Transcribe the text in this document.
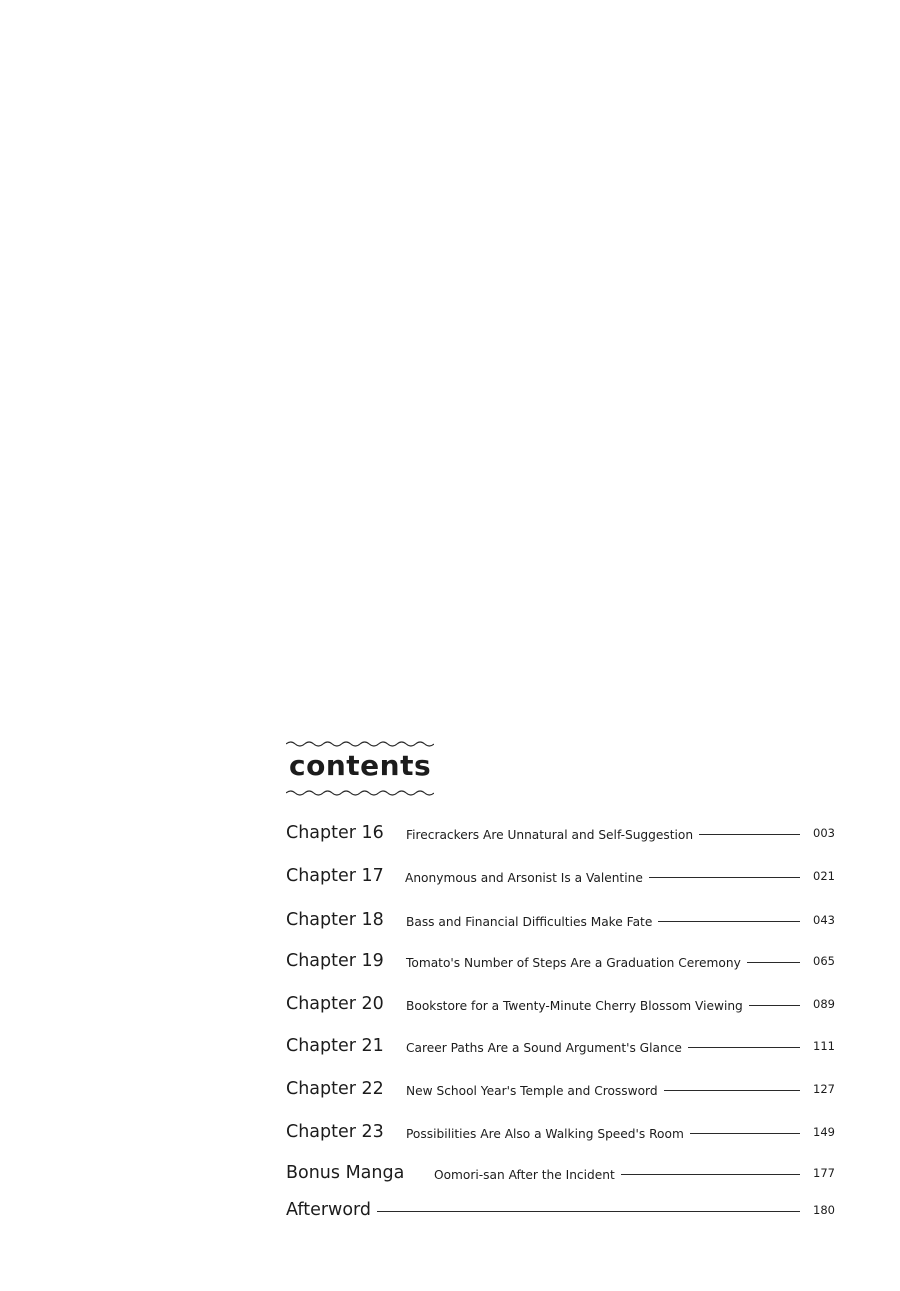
contents
Chapter 16	Firecrackers Are Unnatural and Self-Suggestion	003
Chapter 17	Anonymous and Arsonist Is a Valentine	021
Chapter 18	Bass and Financial Difficulties Make Fate	043
Chapter 19	Tomato's Number of Steps Are a Graduation Ceremony	065
Chapter 20	Bookstore for a Twenty-Minute Cherry Blossom Viewing	089
Chapter 21	Career Paths Are a Sound Argument's Glance	111
Chapter 22	New School Year's Temple and Crossword	127
Chapter 23	Possibilities Are Also a Walking Speed's Room	149
Bonus Manga	Oomori-san After the Incident	177
Afterword	180
